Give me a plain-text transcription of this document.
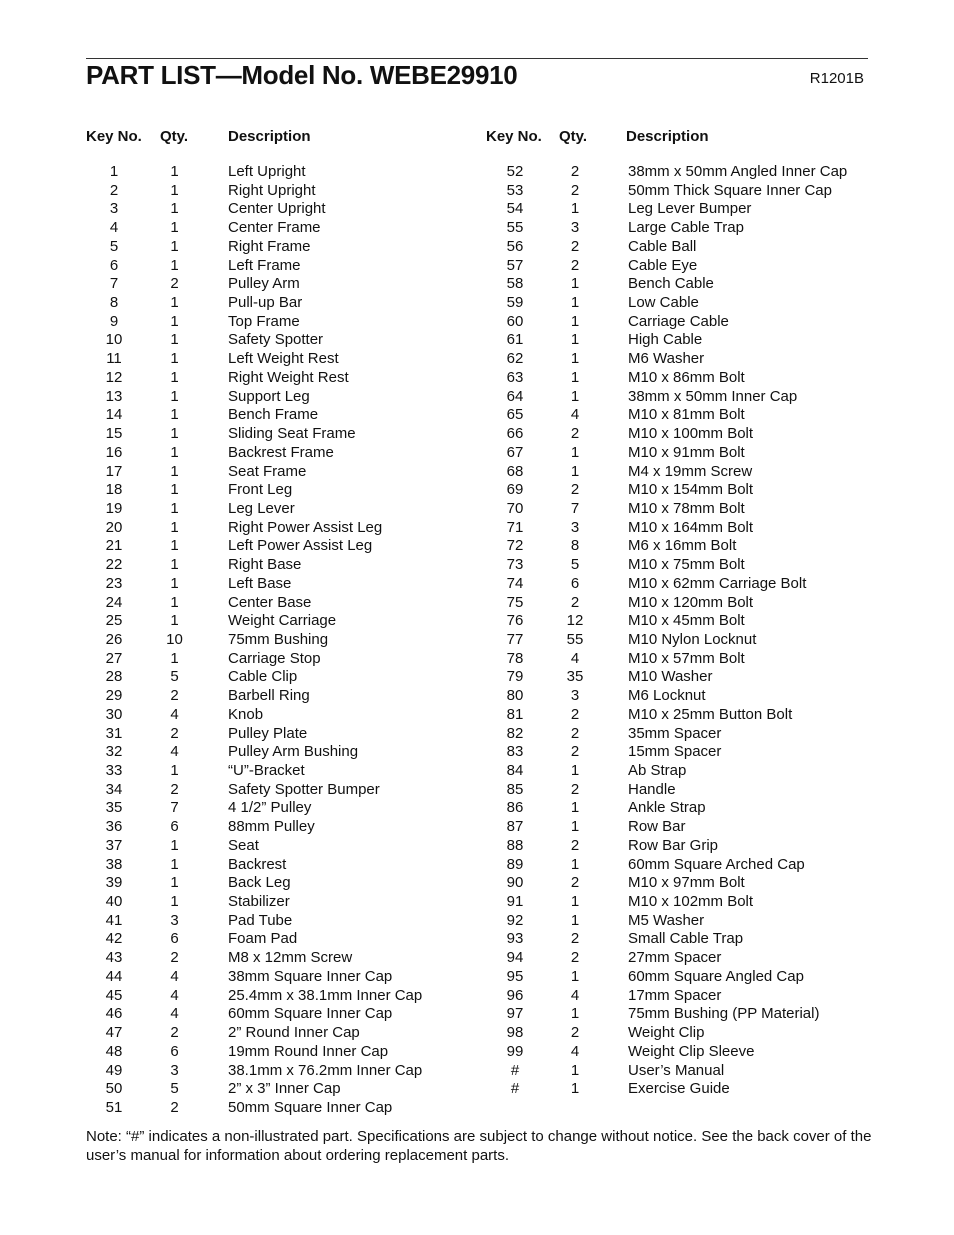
PART LIST—Model No. WEBE29910	R1201B
Key No. Qty.	Description
1	1	Left Upright
2	1	Right Upright
3	1	Center Upright
4	1	Center Frame
5	1	Right Frame
6	1	Left Frame
7	2	Pulley Arm
8	1	Pull-up Bar
9	1	Top Frame
10	1	Safety Spotter
11	1	Left Weight Rest
12	1	Right Weight Rest
13	1	Support Leg
14	1	Bench Frame
15	1	Sliding Seat Frame
16	1	Backrest Frame
17	1	Seat Frame
18	1	Front Leg
19	1	Leg Lever
20	1	Right Power Assist Leg
21	1	Left Power Assist Leg
22	1	Right Base
23	1	Left Base
24	1	Center Base
25	1	Weight Carriage
26	10	75mm Bushing
27	1	Carriage Stop
28	5	Cable Clip
29	2	Barbell Ring
30	4	Knob
31	2	Pulley Plate
32	4	Pulley Arm Bushing
33	1	“U”-Bracket
34	2	Safety Spotter Bumper
35	7	4 1/2” Pulley
36	6	88mm Pulley
37	1	Seat
38	1	Backrest
39	1	Back Leg
40	1	Stabilizer
41	3	Pad Tube
42	6	Foam Pad
43	2	M8 x 12mm Screw
44	4	38mm Square Inner Cap
45	4	25.4mm x 38.1mm Inner Cap
46	4	60mm Square Inner Cap
47	2	2” Round Inner Cap
48	6	19mm Round Inner Cap
49	3	38.1mm x 76.2mm Inner Cap
50	5	2” x 3” Inner Cap
51	2	50mm Square Inner Cap
Key No. Qty.	Description
52	2	38mm x 50mm Angled Inner Cap
53	2	50mm Thick Square Inner Cap
54	1	Leg Lever Bumper
55	3	Large Cable Trap
56	2	Cable Ball
57	2	Cable Eye
58	1	Bench Cable
59	1	Low Cable
60	1	Carriage Cable
61	1	High Cable
62	1	M6 Washer
63	1	M10 x 86mm Bolt
64	1	38mm x 50mm Inner Cap
65	4	M10 x 81mm Bolt
66	2	M10 x 100mm Bolt
67	1	M10 x 91mm Bolt
68	1	M4 x 19mm Screw
69	2	M10 x 154mm Bolt
70	7	M10 x 78mm Bolt
71	3	M10 x 164mm Bolt
72	8	M6 x 16mm Bolt
73	5	M10 x 75mm Bolt
74	6	M10 x 62mm Carriage Bolt
75	2	M10 x 120mm Bolt
76	12	M10 x 45mm Bolt
77	55	M10 Nylon Locknut
78	4	M10 x 57mm Bolt
79	35	M10 Washer
80	3	M6 Locknut
81	2	M10 x 25mm Button Bolt
82	2	35mm Spacer
83	2	15mm Spacer
84	1	Ab Strap
85	2	Handle
86	1	Ankle Strap
87	1	Row Bar
88	2	Row Bar Grip
89	1	60mm Square Arched Cap
90	2	M10 x 97mm Bolt
91	1	M10 x 102mm Bolt
92	1	M5 Washer
93	2	Small Cable Trap
94	2	27mm Spacer
95	1	60mm Square Angled Cap
96	4	17mm Spacer
97	1	75mm Bushing (PP Material)
98	2	Weight Clip
99	4	Weight Clip Sleeve
#	1	User’s Manual
#	1	Exercise Guide
Note: “#” indicates a non-illustrated part. Specifications are subject to change without notice. See the back cover of the user’s manual for information about ordering replacement parts.
